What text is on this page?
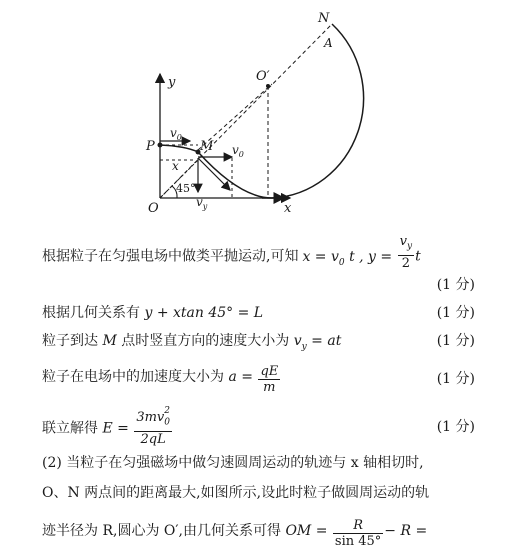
N
A
O′
y
P	M
$v_0$
$v_0$
x
45°
$v_y$
O	x
根据粒子在匀强电场中做类平抛运动,可知 $x = v_0$ t , $y = \frac{v_y}{2}$ t
(1 分)
根据几何关系有 y + xtan 45° = L	(1 分)
粒子到达 M 点时竖直方向的速度大小为 $v_y$ = at	(1 分)
粒子在电场中的加速度大小为 $a = \frac{qE}{m}$	(1 分)
联立解得 E = 3mv 2
$_0$
2qL	(1 分)
(2) 当粒子在匀强磁场中做匀速圆周运动的轨迹与 x 轴相切时,
O、N 两点间的距离最大,如图所示,设此时粒子做圆周运动的轨
迹半径为 R,圆心为 O′,由几何关系可得 OM = $\frac{R}{\sin 45^\circ} - R$ =
